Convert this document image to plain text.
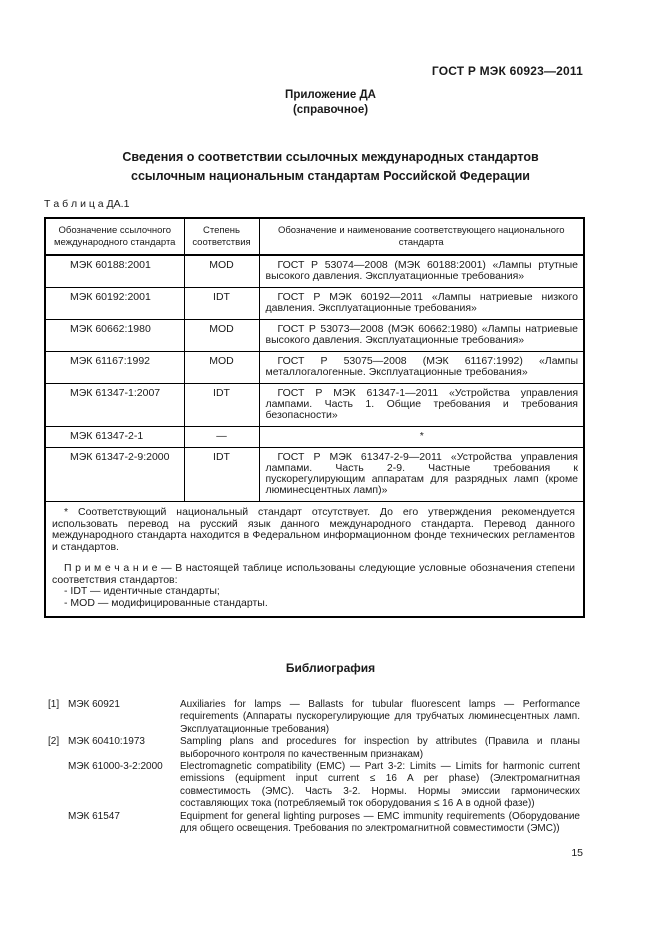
ГОСТ Р МЭК 60923—2011
Приложение ДА
(справочное)
Сведения о соответствии ссылочных международных стандартов
ссылочным национальным стандартам Российской Федерации
Т а б л и ц а ДА.1
Обозначение ссылочного международного стандарта	Степень соответствия	Обозначение и наименование соответствующего национального стандарта
МЭК 60188:2001	MOD	ГОСТ Р 53074—2008 (МЭК 60188:2001) «Лампы ртутные высокого давления. Эксплуатационные требования»

МЭК 60192:2001	IDT	ГОСТ Р МЭК 60192—2011 «Лампы натриевые низкого давления. Эксплуатационные требования»

МЭК 60662:1980	MOD	ГОСТ Р 53073—2008 (МЭК 60662:1980) «Лампы натриевые высокого давления. Эксплуатационные требования»

МЭК 61167:1992	MOD	ГОСТ Р 53075—2008 (МЭК 61167:1992) «Лампы металлогалогенные. Эксплуатационные требования»

МЭК 61347-1:2007	IDT	ГОСТ Р МЭК 61347-1—2011 «Устройства управления лампами. Часть 1. Общие требования и требования безопасности»

МЭК 61347-2-1	—	*
МЭК 61347-2-9:2000	IDT	ГОСТ Р МЭК 61347-2-9—2011 «Устройства управления лампами. Часть 2-9. Частные требования к пускорегулирующим аппаратам для разрядных ламп (кроме люминесцентных ламп)»

* Соответствующий национальный стандарт отсутствует. До его утверждения рекомендуется использовать перевод на русский язык данного международного стандарта. Перевод данного международного стандарта находится в Федеральном информационном фонде технических регламентов и стандартов.
П р и м е ч а н и е — В настоящей таблице использованы следующие условные обозначения степени соответствия стандартов:
- IDT — идентичные стандарты;
- MOD — модифицированные стандарты.		
Библиография
[1] МЭК 60921	Auxiliaries for lamps — Ballasts for tubular fluorescent lamps — Performance requirements (Аппараты пускорегулирующие для трубчатых люминесцентных ламп. Эксплуатационные требования)
[2] МЭК 60410:1973	Sampling plans and procedures for inspection by attributes (Правила и планы выборочного контроля по качественным признакам)
МЭК 61000-3-2:2000	Electromagnetic compatibility (EMC) — Part 3-2: Limits — Limits for harmonic current emissions (equipment input current ≤ 16 A per phase) (Электромагнитная совместимость (ЭМС). Часть 3-2. Нормы. Нормы эмиссии гармонических составляющих тока (потребляемый ток оборудования ≤ 16 А в одной фазе))
МЭК 61547	Equipment for general lighting purposes — EMC immunity requirements (Оборудование для общего освещения. Требования по электромагнитной совместимости (ЭМС))
15
